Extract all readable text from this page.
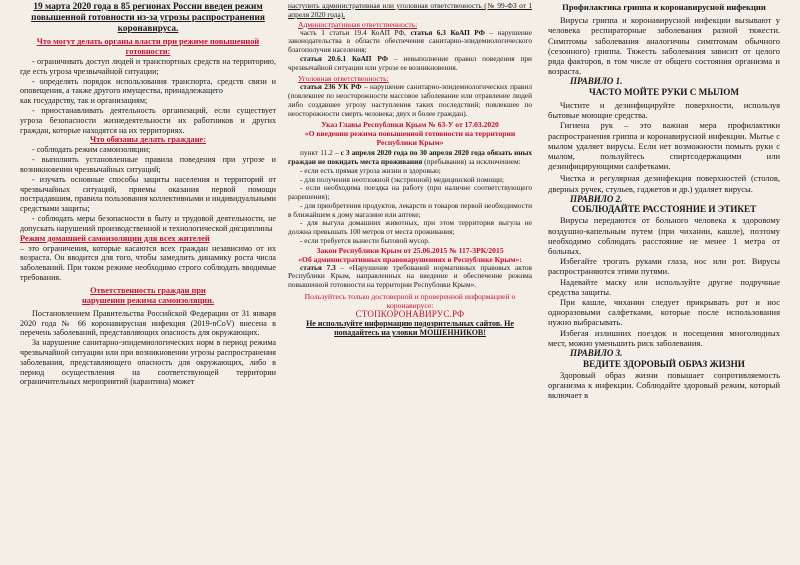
19 марта 2020 года в 85 регионах России введен режим повышенной готовности из-за угрозы распространения коронавируса.

Что могут делать органы власти при режиме повышенной готовности:

- ограничивать доступ людей и транспортных средств на территорию, где есть угроза чрезвычайной ситуации;

- определять порядок использования транспорта, средств связи и оповещения, а также другого имущества, принадлежащего

как государству, так и организациям;

- приостанавливать деятельность организаций, если существует угроза безопасности жизнедеятельности их работников и других граждан, которые находятся на их территориях.

Что обязаны делать граждане:

- соблюдать режим самоизоляции;

- выполнять установленные правила поведения при угрозе и возникновении чрезвычайных ситуаций;

- изучать основные способы защиты населения и территорий от чрезвычайных ситуаций, приемы оказания первой помощи пострадавшим, правила пользования коллективными и индивидуальными средствами защиты;

- соблюдать меры безопасности в быту и трудовой деятельности, не допускать нарушений производственной и технологической дисциплины

Режим домашней самоизоляции для всех жителей

– это ограничения, которые касаются всех граждан независимо от их возраста. Он вводится для того, чтобы замедлить динамику роста числа заболеваний. При таком режиме необходимо строго соблюдать вводимые требования.

Ответственность граждан при

нарушении режима самоизоляции.

Постановлением Правительства Российской Федерации от 31 января 2020 года № 66 коронавирусная инфекция (2019-nCoV) внесена в перечень заболеваний, представляющих опасность для окружающих.

За нарушение санитарно-эпидемиологических норм в период режима чрезвычайной ситуации или при возникновении угрозы распространения заболевания, представляющего опасность для окружающих, либо в период осуществления на соответствующей территории ограничительных мероприятий (карантина) может

наступить административная или уголовная ответственность (№ 99-ФЗ от 1 апреля 2020 года).

Административная ответственность:

часть 1 статьи 19.4 КоАП РФ, статья 6.3 КоАП РФ – нарушение законодательства в области обеспечения санитарно-эпидемиологического благополучия населения;

статья 20.6.1 КоАП РФ – невыполнение правил поведения при чрезвычайной ситуации или угрозе ее возникновения.

Уголовная ответственность:

статья 236 УК РФ – нарушение санитарно-эпидемиологических правил (повлекшее по неосторожности массовое заболевание или отравление людей либо создавшее угрозу наступления таких последствий; повлекшее по неосторожности смерть человека; двух и более граждан).

Указ Главы Республики Крым № 63-У от 17.03.2020

«О введении режима повышенной готовности на территории Республики Крым»

пункт 11.2 – с 3 апреля 2020 года по 30 апреля 2020 года обязать иных граждан не покидать места проживания (пребывания) за исключением:

- если есть прямая угроза жизни и здоровью;

- для получения неотложной (экстренной) медицинской помощи;

- если необходима поездка на работу (при наличие соответствующего разрешения);

- для приобретения продуктов, лекарств и товаров первой необходимости в ближайшем к дому магазине или аптеке;

- для выгула домашних животных, при этом территория выгула не должна превышать 100 метров от места проживания;

- если требуется вынести бытовой мусор.

Закон Республики Крым от 25.06.2015 № 117-ЗРК/2015

«Об административных правонарушениях в Республике Крым»:

статья 7.3 – «Нарушение требований нормативных правовых актов Республики Крым, направленных на введение и обеспечение режима повышенной готовности на территории Республики Крым».

Пользуйтесь только достоверной и проверенной информацией о коронавирусе:

СТОПКОРОНАВИРУС.РФ

Не используйте информацию подозрительных сайтов. Не попадайтесь на уловки МОШЕННИКОВ!

Профилактика гриппа и коронавирусной инфекции

Вирусы гриппа и коронавирусной инфекции вызывают у человека респираторные заболевания разной тяжести. Симптомы заболевания аналогичны симптомам обычного (сезонного) гриппа. Тяжесть заболевания зависит от целого ряда факторов, в том числе от общего состояния организма и возраста.

ПРАВИЛО 1.

ЧАСТО МОЙТЕ РУКИ С МЫЛОМ

Чистите и дезинфицируйте поверхности, используя бытовые моющие средства.

Гигиена рук – это важная мера профилактики распространения гриппа и коронавирусной инфекции. Мытье с мылом удаляет вирусы. Если нет возможности помыть руки с мылом, пользуйтесь спиртсодержащими или дезинфицирующими салфетками.

Чистка и регулярная дезинфекция поверхностей (столов, дверных ручек, стульев, гаджетов и др.) удаляет вирусы.

ПРАВИЛО 2.

СОБЛЮДАЙТЕ РАССТОЯНИЕ И ЭТИКЕТ

Вирусы передаются от больного человека к здоровому воздушно-капельным путем (при чихании, кашле), поэтому необходимо соблюдать расстояние не менее 1 метра от больных.

Избегайте трогать руками глаза, нос или рот. Вирусы распространяются этими путями.

Надевайте маску или используйте другие подручные средства защиты.

При кашле, чихании следует прикрывать рот и нос одноразовыми салфетками, которые после использования нужно выбрасывать.

Избегая излишних поездок и посещения многолюдных мест, можно уменьшить риск заболевания.

ПРАВИЛО 3.

ВЕДИТЕ ЗДОРОВЫЙ ОБРАЗ ЖИЗНИ

Здоровый образ жизни повышает сопротивляемость организма к инфекции. Соблюдайте здоровый режим, который включает в
